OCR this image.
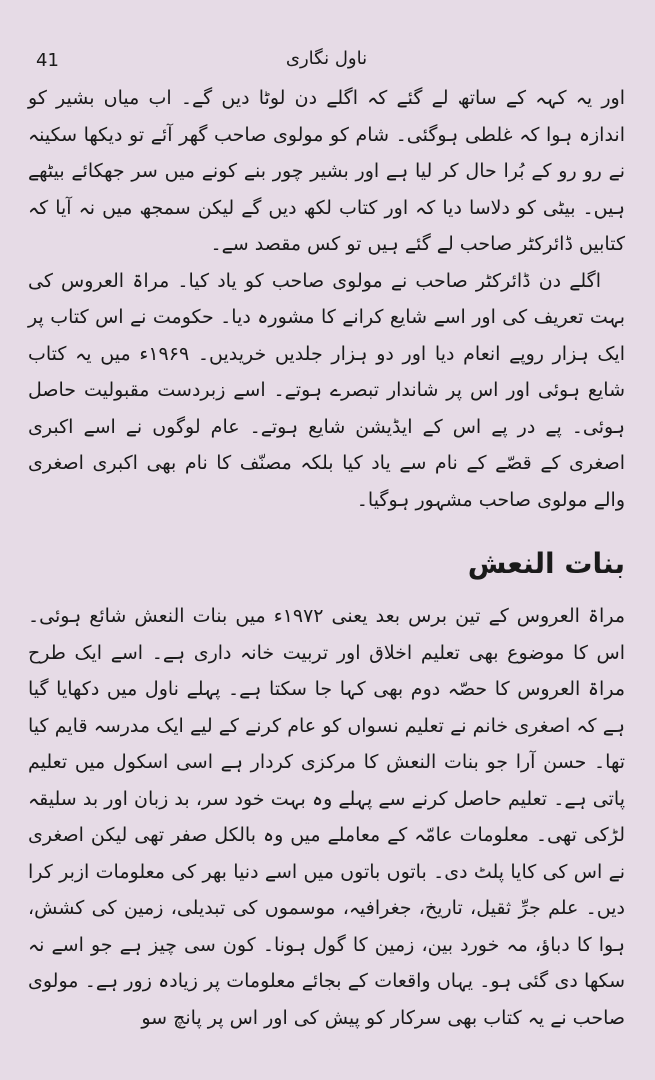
41	ناول نگاری

اور یہ کہہ کے ساتھ لے گئے کہ اگلے دن لوٹا دیں گے۔ اب میاں بشیر کو اندازہ ہوا کہ غلطی ہوگئی۔ شام کو مولوی صاحب گھر آئے تو دیکھا سکینہ نے رو رو کے بُرا حال کر لیا ہے اور بشیر چور بنے کونے میں سر جھکائے بیٹھے ہیں۔ بیٹی کو دلاسا دیا کہ اور کتاب لکھ دیں گے لیکن سمجھ میں نہ آیا کہ کتابیں ڈائرکٹر صاحب لے گئے ہیں تو کس مقصد سے۔

اگلے دن ڈائرکٹر صاحب نے مولوی صاحب کو یاد کیا۔ مراۃ العروس کی بہت تعریف کی اور اسے شایع کرانے کا مشورہ دیا۔ حکومت نے اس کتاب پر ایک ہزار روپے انعام دیا اور دو ہزار جلدیں خریدیں۔ ۱۹۶۹ء میں یہ کتاب شایع ہوئی اور اس پر شاندار تبصرے ہوتے۔ اسے زبردست مقبولیت حاصل ہوئی۔ پے در پے اس کے ایڈیشن شایع ہوتے۔ عام لوگوں نے اسے اکبری اصغری کے قصّے کے نام سے یاد کیا بلکہ مصنّف کا نام بھی اکبری اصغری والے مولوی صاحب مشہور ہوگیا۔

بنات النعش

مراۃ العروس کے تین برس بعد یعنی ۱۹۷۲ء میں بنات النعش شائع ہوئی۔ اس کا موضوع بھی تعلیم اخلاق اور تربیت خانہ داری ہے۔ اسے ایک طرح مراۃ العروس کا حصّہ دوم بھی کہا جا سکتا ہے۔ پہلے ناول میں دکھایا گیا ہے کہ اصغری خانم نے تعلیم نسواں کو عام کرنے کے لیے ایک مدرسہ قایم کیا تھا۔ حسن آرا جو بنات النعش کا مرکزی کردار ہے اسی اسکول میں تعلیم پاتی ہے۔ تعلیم حاصل کرنے سے پہلے وہ بہت خود سر، بد زبان اور بد سلیقہ لڑکی تھی۔ معلومات عامّہ کے معاملے میں وہ بالکل صفر تھی لیکن اصغری نے اس کی کایا پلٹ دی۔ باتوں باتوں میں اسے دنیا بھر کی معلومات ازبر کرا دیں۔ علم جرِّ ثقیل، تاریخ، جغرافیہ، موسموں کی تبدیلی، زمین کی کشش، ہوا کا دباؤ، مہ خورد بین، زمین کا گول ہونا۔ کون سی چیز ہے جو اسے نہ سکھا دی گئی ہو۔ یہاں واقعات کے بجائے معلومات پر زیادہ زور ہے۔ مولوی صاحب نے یہ کتاب بھی سرکار کو پیش کی اور اس پر پانچ سو
